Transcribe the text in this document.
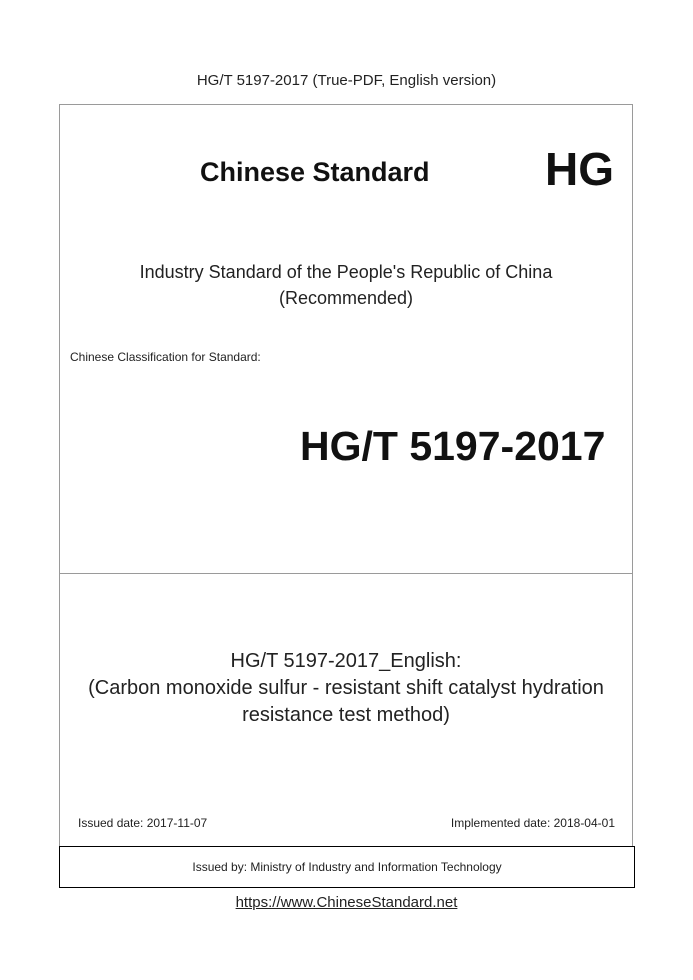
HG/T 5197-2017 (True-PDF, English version)
Chinese Standard	HG
Industry Standard of the People's Republic of China
(Recommended)
Chinese Classification for Standard:
HG/T 5197-2017
HG/T 5197-2017_English:
(Carbon monoxide sulfur - resistant shift catalyst hydration
resistance test method)
Issued date: 2017-11-07	Implemented date: 2018-04-01
Issued by: Ministry of Industry and Information Technology
https://www.ChineseStandard.net
